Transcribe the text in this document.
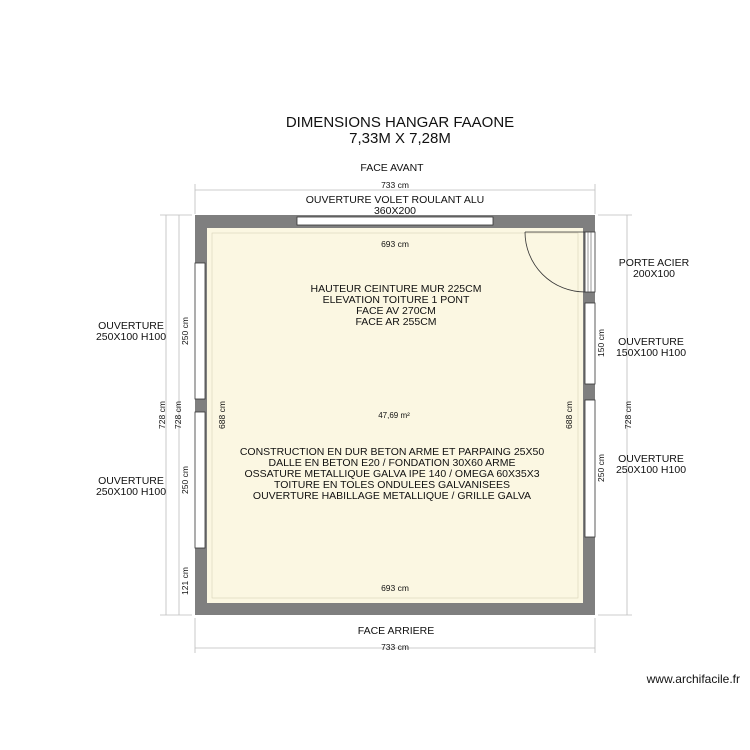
DIMENSIONS HANGAR FAAONE
7,33M X 7,28M
FACE AVANT
FACE ARRIERE
OUVERTURE VOLET ROULANT ALU
360X200
PORTE ACIER
200X100
OUVERTURE
250X100 H100
OUVERTURE
250X100 H100
OUVERTURE
150X100 H100
OUVERTURE
250X100 H100
733 cm
693 cm
693 cm
733 cm
728 cm 728 cm
250 cm
250 cm
121 cm
688 cm	688 cm
150 cm
250 cm
728 cm
HAUTEUR CEINTURE MUR 225CM
ELEVATION TOITURE 1 PONT
FACE AV 270CM
FACE AR 255CM
47,69 m²
CONSTRUCTION EN DUR BETON ARME ET PARPAING 25X50
DALLE EN BETON E20 / FONDATION 30X60 ARME
OSSATURE METALLIQUE GALVA IPE 140 / OMEGA 60X35X3
TOITURE EN TOLES ONDULEES GALVANISEES
OUVERTURE HABILLAGE METALLIQUE / GRILLE GALVA
www.archifacile.fr
